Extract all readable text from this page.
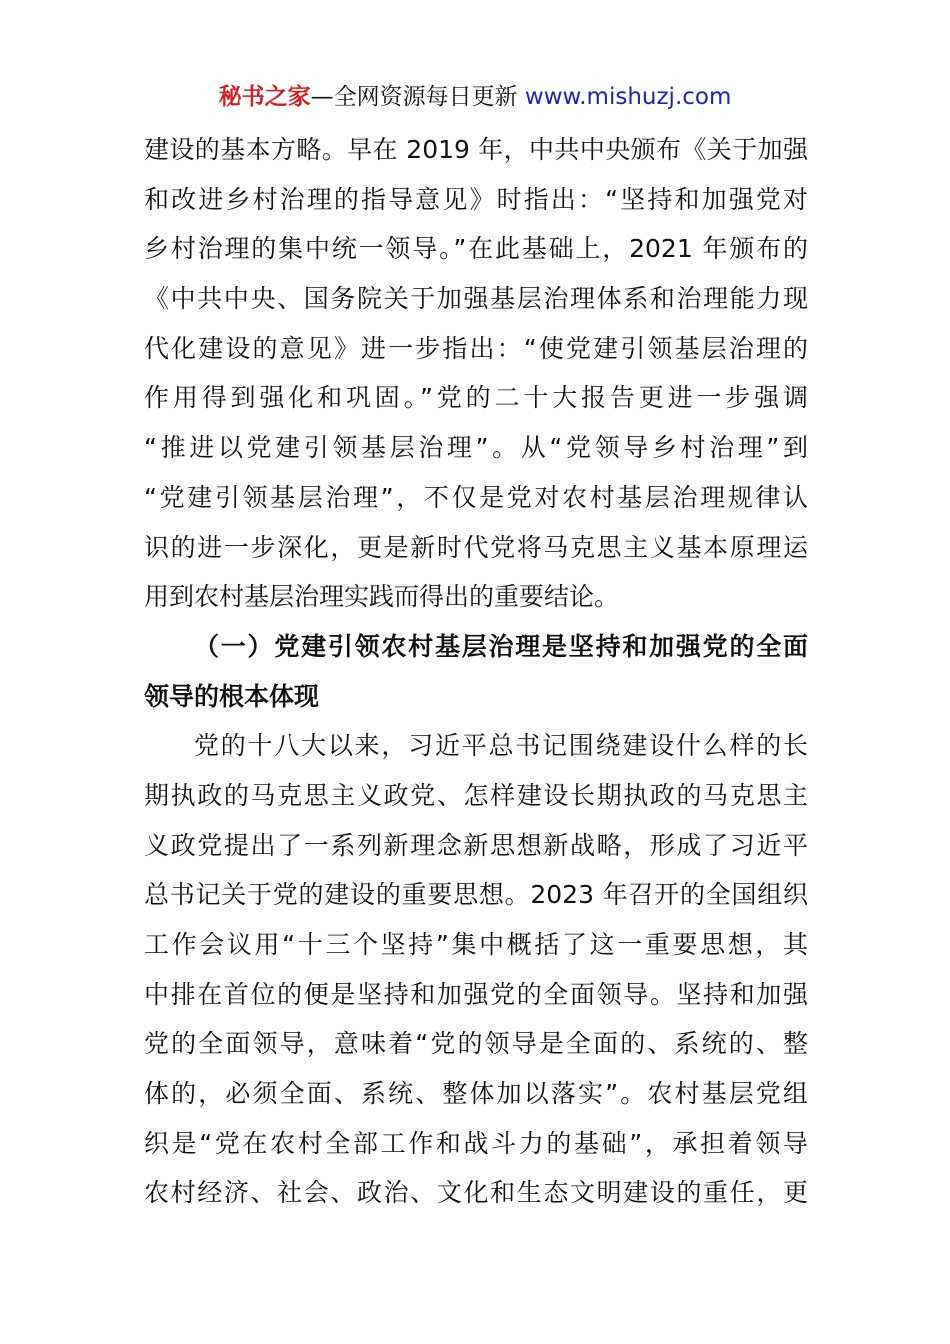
秘书之家—全网资源每日更新 www.mishuzj.com
建设的基本方略。早在 2019 年，中共中央颁布《关于加强
和改进乡村治理的指导意见》时指出：“坚持和加强党对
乡村治理的集中统一领导。”在此基础上，2021 年颁布的
《中共中央、国务院关于加强基层治理体系和治理能力现
代化建设的意见》进一步指出：“使党建引领基层治理的
作用得到强化和巩固。”党的二十大报告更进一步强调
“推进以党建引领基层治理”。从“党领导乡村治理”到
“党建引领基层治理”，不仅是党对农村基层治理规律认
识的进一步深化，更是新时代党将马克思主义基本原理运
用到农村基层治理实践而得出的重要结论。
（一）党建引领农村基层治理是坚持和加强党的全面
领导的根本体现
党的十八大以来，习近平总书记围绕建设什么样的长
期执政的马克思主义政党、怎样建设长期执政的马克思主
义政党提出了一系列新理念新思想新战略，形成了习近平
总书记关于党的建设的重要思想。2023 年召开的全国组织
工作会议用“十三个坚持”集中概括了这一重要思想，其
中排在首位的便是坚持和加强党的全面领导。坚持和加强
党的全面领导，意味着“党的领导是全面的、系统的、整
体的，必须全面、系统、整体加以落实”。农村基层党组
织是“党在农村全部工作和战斗力的基础”，承担着领导
农村经济、社会、政治、文化和生态文明建设的重任，更
